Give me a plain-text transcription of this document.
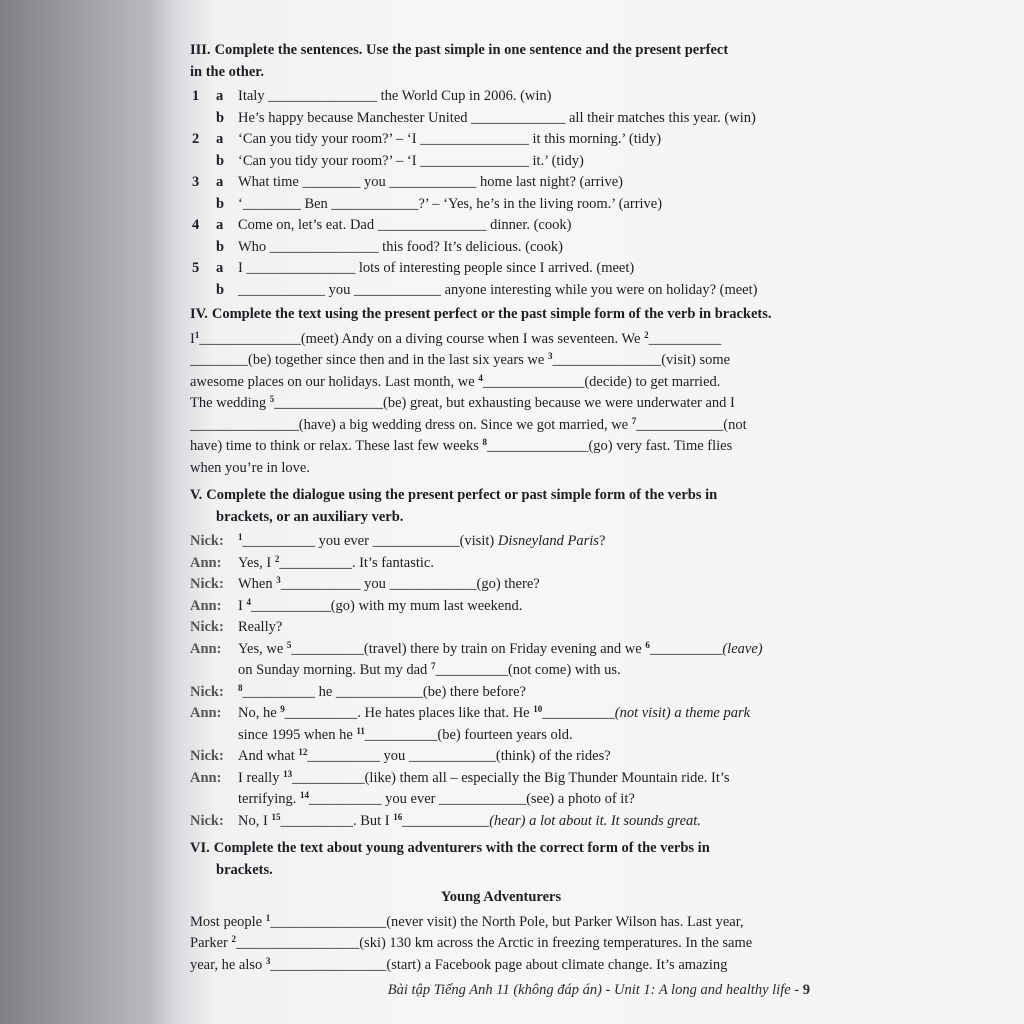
III. Complete the sentences. Use the past simple in one sentence and the present perfect
in the other.
1 a Italy _______________ the World Cup in 2006. (win)
b He’s happy because Manchester United _____________ all their matches this year. (win)
2 a ‘Can you tidy your room?’ – ‘I _______________ it this morning.’ (tidy)
b ‘Can you tidy your room?’ – ‘I _______________ it.’ (tidy)
3 a What time ________ you ____________ home last night? (arrive)
b ‘________ Ben ____________?’ – ‘Yes, he’s in the living room.’ (arrive)
4 a Come on, let’s eat. Dad _______________ dinner. (cook)
b Who _______________ this food? It’s delicious. (cook)
5 a I _______________ lots of interesting people since I arrived. (meet)
b ____________ you ____________ anyone interesting while you were on holiday? (meet)
IV. Complete the text using the present perfect or the past simple form of the verb in brackets.
$I^1\_\_\_\_\_\_\_\_\_\_\_\_\_\_(meet)$ Andy on a diving course when I was seventeen. We $^2$__________
________(be) together since then and in the last six years we $^3$_______________(visit) some
awesome places on our holidays. Last month, we $^4$______________(decide) to get married.
The wedding $^5$_______________(be) great, but exhausting because we were underwater and I
_______________(have) a big wedding dress on. Since we got married, we $^7$____________(not
have) time to think or relax. These last few weeks $^8$______________(go) very fast. Time flies
when you’re in love.
V. Complete the dialogue using the present perfect or past simple form of the verbs in
brackets, or an auxiliary verb.
Nick: $^1$__________ you ever ____________(visit) Disneyland Paris?
Ann: Yes, I $^2$__________. It’s fantastic.
Nick: When $^3$___________ you ____________(go) there?
Ann: I $^4$___________(go) with my mum last weekend.
Nick: Really?
Ann: Yes, we $^5$__________(travel) there by train on Friday evening and we $^6$__________(leave)
on Sunday morning. But my dad $^7$__________(not come) with us.
Nick: $^8$__________ he ____________(be) there before?
Ann: No, he $^9$__________. He hates places like that. He $^{10}$__________(not visit) a theme park
since 1995 when he $^{11}$__________(be) fourteen years old.
Nick: And what $^{12}$__________ you ____________(think) of the rides?
Ann: I really $^{13}$__________(like) them all – especially the Big Thunder Mountain ride. It’s
terrifying. $^{14}$__________ you ever ____________(see) a photo of it?
Nick: No, I $^{15}$__________. But I $^{16}$____________(hear) a lot about it. It sounds great.
VI. Complete the text about young adventurers with the correct form of the verbs in
brackets.
Young Adventurers
Most people $^1$________________(never visit) the North Pole, but Parker Wilson has. Last year,
Parker $^2$_________________(ski) 130 km across the Arctic in freezing temperatures. In the same
year, he also $^3$________________(start) a Facebook page about climate change. It’s amazing
Bài tập Tiếng Anh 11 (không đáp án) - Unit 1: A long and healthy life - 9
